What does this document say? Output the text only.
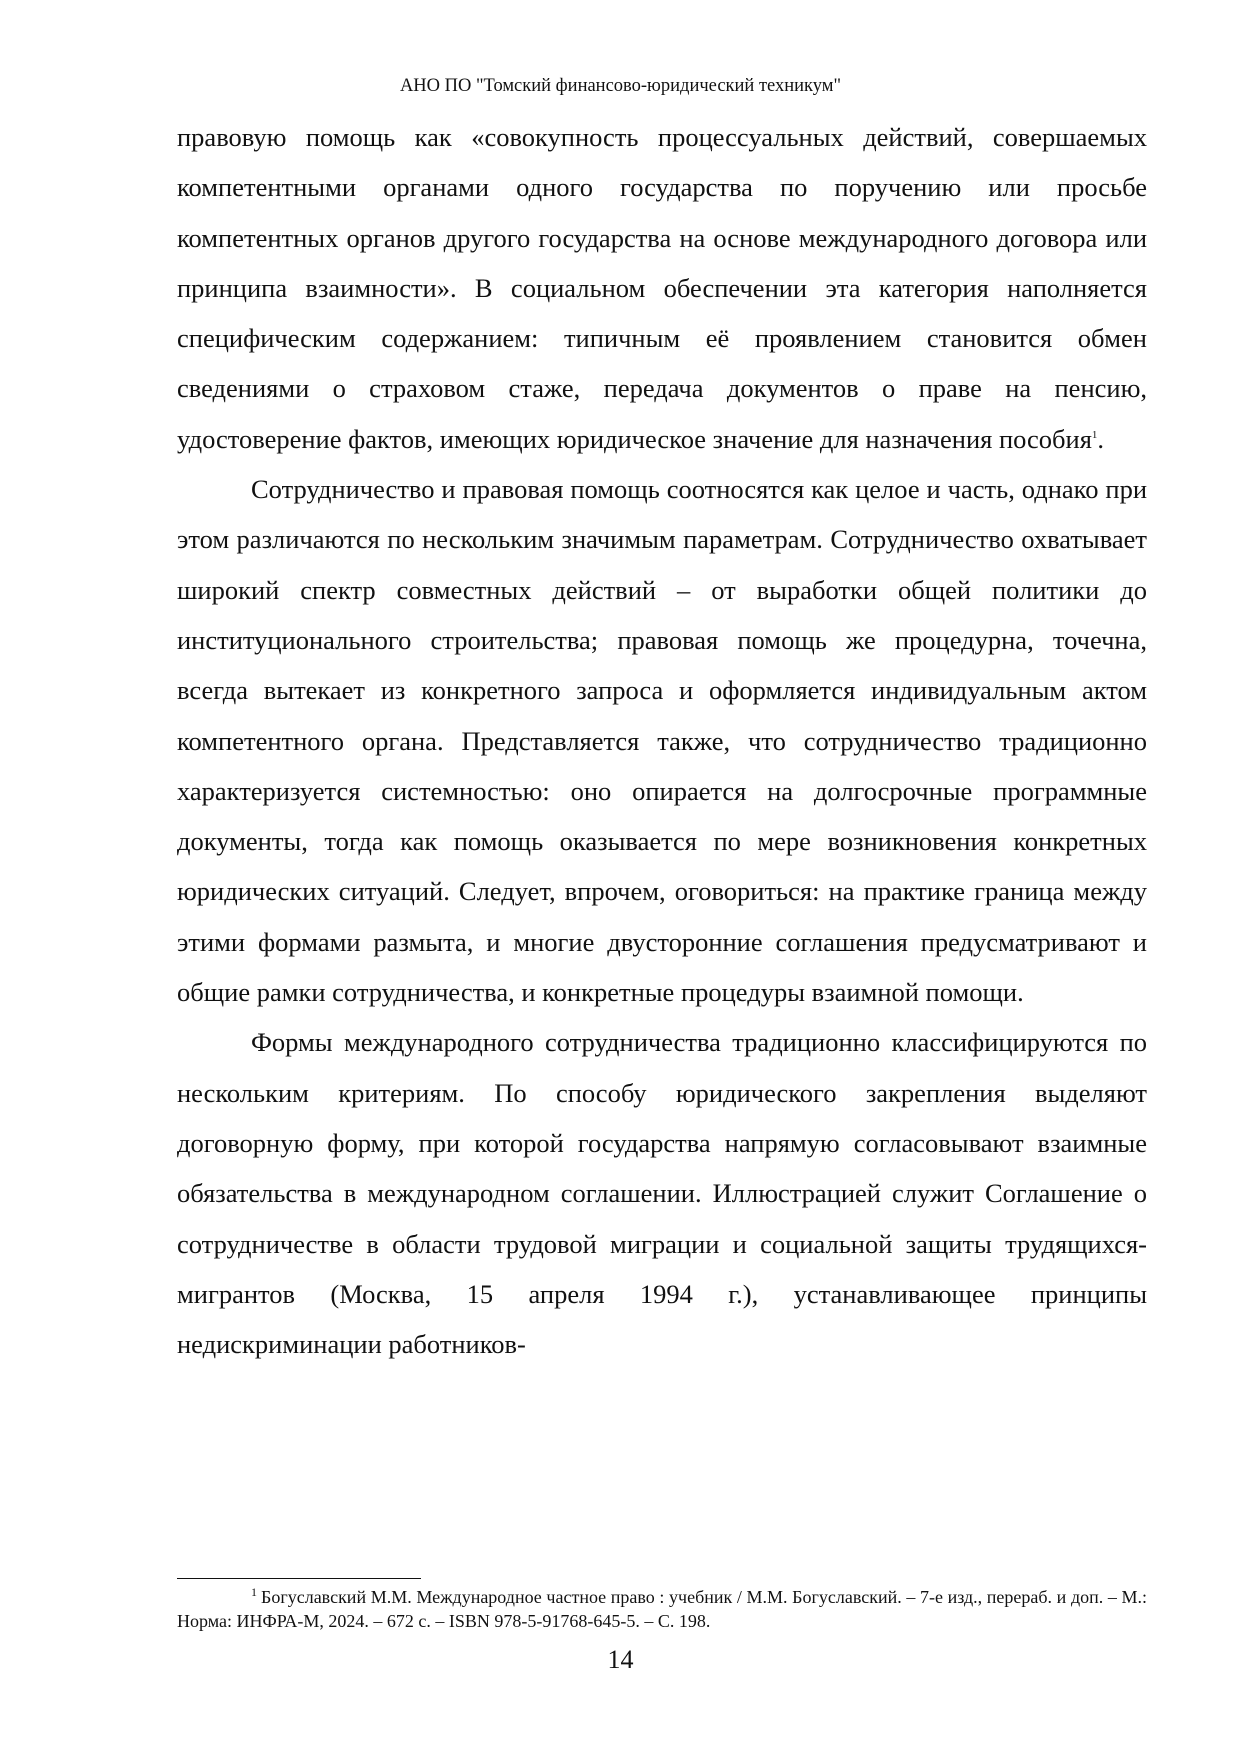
АНО ПО "Томский финансово-юридический техникум"

правовую помощь как «совокупность процессуальных действий, совершаемых компетентными органами одного государства по поручению или просьбе компетентных органов другого государства на основе международного договора или принципа взаимности». В социальном обеспечении эта категория наполняется специфическим содержанием: типичным её проявлением становится обмен сведениями о страховом стаже, передача документов о праве на пенсию, удостоверение фактов, имеющих юридическое значение для назначения пособия$^1$.

Сотрудничество и правовая помощь соотносятся как целое и часть, однако при этом различаются по нескольким значимым параметрам. Сотрудничество охватывает широкий спектр совместных действий – от выработки общей политики до институционального строительства; правовая помощь же процедурна, точечна, всегда вытекает из конкретного запроса и оформляется индивидуальным актом компетентного органа. Представляется также, что сотрудничество традиционно характеризуется системностью: оно опирается на долгосрочные программные документы, тогда как помощь оказывается по мере возникновения конкретных юридических ситуаций. Следует, впрочем, оговориться: на практике граница между этими формами размыта, и многие двусторонние соглашения предусматривают и общие рамки сотрудничества, и конкретные процедуры взаимной помощи.

Формы международного сотрудничества традиционно классифицируются по нескольким критериям. По способу юридического закрепления выделяют договорную форму, при которой государства напрямую согласовывают взаимные обязательства в международном соглашении. Иллюстрацией служит Соглашение о сотрудничестве в области трудовой миграции и социальной защиты трудящихся-мигрантов (Москва, 15 апреля 1994 г.), устанавливающее принципы недискриминации работников-

$^1$ Богуславский М.М. Международное частное право : учебник / М.М. Богуславский. – 7-е изд., перераб. и доп. – М.: Норма: ИНФРА-М, 2024. – 672 с. – ISBN 978-5-91768-645-5. – С. 198.
14
